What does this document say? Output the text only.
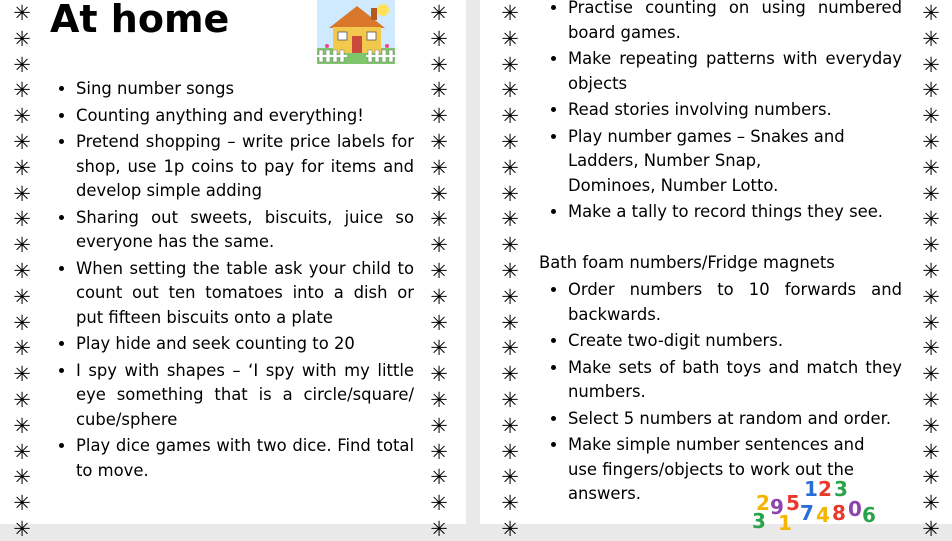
✳
✳
✳
✳
✳
✳
✳
✳
✳
✳
✳
✳
✳
✳
✳
✳
✳
✳
✳
✳
✳
✳
✳
✳
✳
✳
✳
✳
✳
✳
✳
✳
✳
✳
✳
✳
✳
✳
✳
✳
✳
✳
At home	✳
✳
✳
✳
✳
✳
✳
✳
✳
✳
✳
✳
✳
✳
✳
✳
✳
✳
✳
✳
✳
✳
✳
✳
✳
✳
✳
✳
✳
✳
✳
✳
✳
✳
✳
✳
✳
✳
✳
✳
✳
✳
• Sing number songs
• Counting anything and everything!
• Pretend shopping – write price labels for shop, use 1p coins to pay for items and develop simple adding
• Sharing out sweets, biscuits, juice so everyone has the same.
• When setting the table ask your child to count out ten tomatoes into a dish or put fifteen biscuits onto a plate
• Play hide and seek counting to 20
• I spy with shapes – ‘I spy with my little eye something that is a circle/square/ cube/sphere
• Play dice games with two dice. Find total to move.
• Practise counting on using numbered board games.
• Make repeating patterns with everyday objects
• Read stories involving numbers.
• Play number games – Snakes and Ladders, Number Snap, Dominoes, Number Lotto.
• Make a tally to record things they see.
Bath foam numbers/Fridge magnets
• Order numbers to 10 forwards and backwards.
• Create two-digit numbers.
• Make sets of bath toys and match they numbers.
• Select 5 numbers at random and order.
• Make simple number sentences and use fingers/objects to work out the answers.	1 2 3
2 9 5 7 4 8 0 6
3 1
